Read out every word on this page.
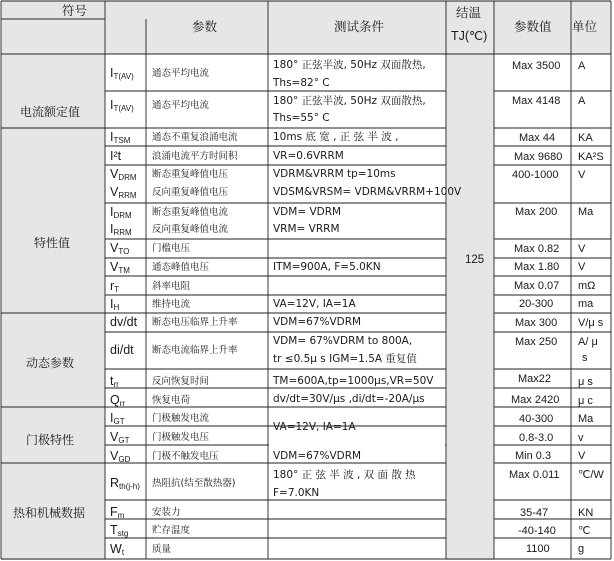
符号
参数	测试条件
结温
TJ(℃)
参数值 单位
电流额定值
特性值
动态参数
门极特性
热和机械数据
125
$I_{T(AV)}$
$I_{T(AV)}$
$I_{TSM}$
I²t
$V_{DRM}$
$V_{RRM}$
$I_{DRM}$
$I_{RRM}$
$V_{TO}$
$V_{TM}$
$r_T$
$I_H$
dv/dt
di/dt
$t_{rr}$
$Q_{rr}$
$I_{GT}$
$V_{GT}$
$V_{GD}$
$R_{th(j-h)}$
$F_m$
$T_{stg}$
$W_t$
通态平均电流
通态平均电流
通态不重复浪涌电流
浪涌电流平方时间积
断态重复峰值电压
反向重复峰值电压
断态重复峰值电流
反向重复峰值电流
门槛电压
通态峰值电压
斜率电阻
维持电流
断态电压临界上升率
断态电流临界上升率
反向恢复时间
恢复电荷
门极触发电流
门极触发电压
门极不触发电压
热阻抗(结至散热器)
安装力
贮存温度
质量
180° 正弦半波, 50Hz 双面散热,
Ths=82° C
180° 正弦半波, 50Hz 双面散热,
Ths=55° C
10ms 底 宽 , 正 弦 半 波 ,
VR=0.6VRRM
VDRM&VRRM tp=10ms
VDSM&VRSM= VDRM&VRRM+100V
VDM= VDRM
VRM= VRRM
ITM=900A, F=5.0KN
VA=12V, IA=1A
VDM=67%VDRM
VDM= 67%VDRM to 800A,
tr ≤0.5μ s IGM=1.5A 重复值
TM=600A,tp=1000μs,VR=50V
dv/dt=30V/μs ,di/dt=-20A/μs
VA=12V, IA=1A
VDM=67%VDRM
180° 正 弦 半 波 , 双 面 散 热
F=7.0KN
Max 3500
Max 4148
Max 44
Max 9680
400-1000
Max 200
Max 0.82
Max 1.80
Max 0.07
20-300
Max 300
Max 250
Max22
Max 2420
40-300
0.8-3.0
Min 0.3
Max 0.011
35-47
-40-140
1100
A
A
KA
KA²S
V
Ma
V
V
mΩ
ma
V/μ s
A/ μ
s
μ s
μ c
Ma
v
V
℃/W
KN
℃
g
